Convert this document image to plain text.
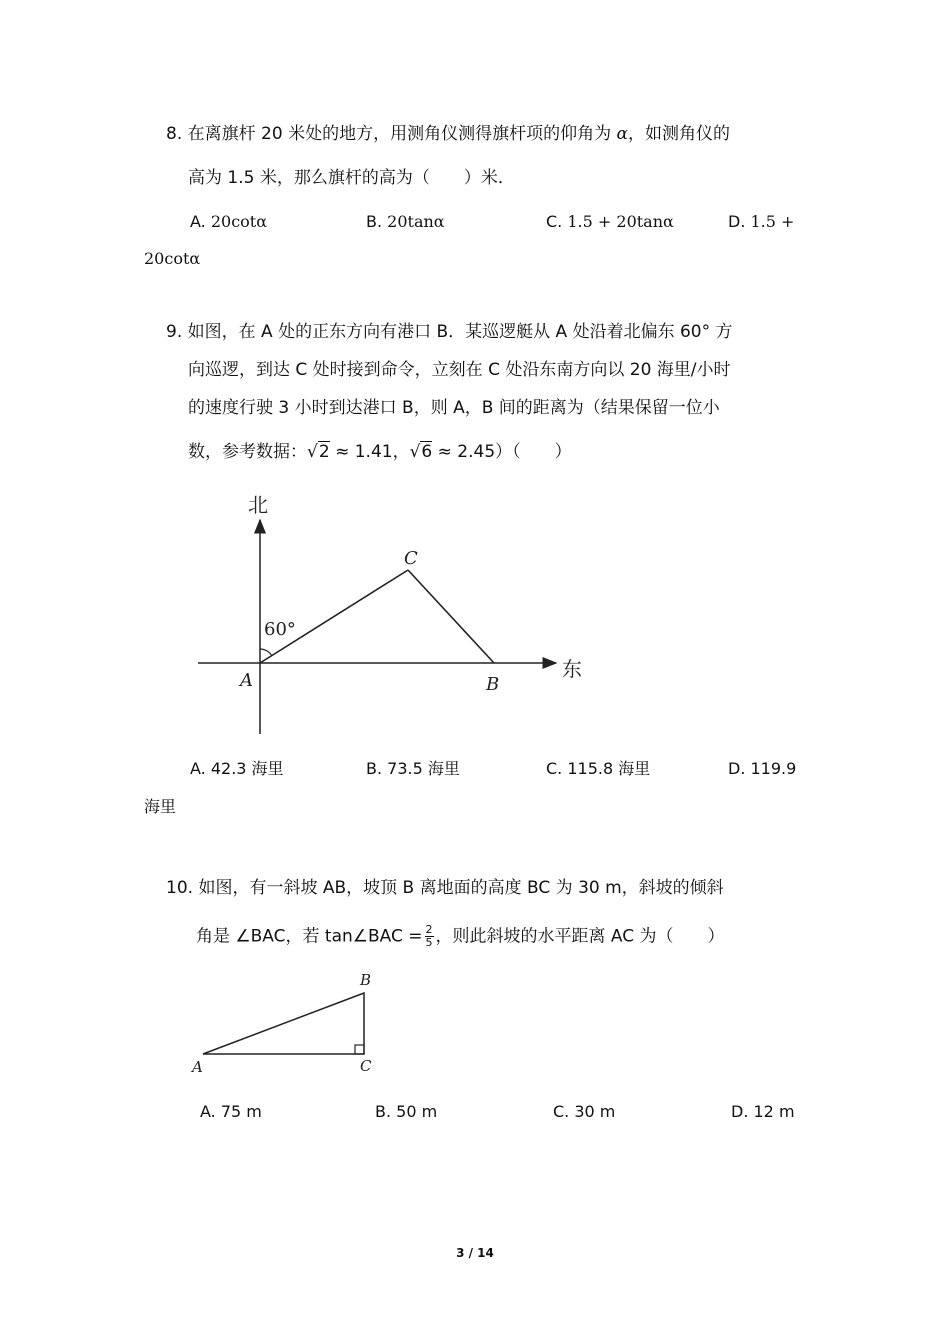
8. 在离旗杆 20 米处的地方，用测角仪测得旗杆项的仰角为 α，如测角仪的
高为 1.5 米，那么旗杆的高为（　　）米．
A. 20cotα	B. 20tanα	C. 1.5 + 20tanα	D. 1.5 +
20cotα
9. 如图，在 A 处的正东方向有港口 B．某巡逻艇从 A 处沿着北偏东 60° 方
向巡逻，到达 C 处时接到命令，立刻在 C 处沿东南方向以 20 海里/小时
的速度行驶 3 小时到达港口 B，则 A，B 间的距离为（结果保留一位小
数，参考数据：√2 ≈ 1.41，√6 ≈ 2.45）（　　）
北
东
60°
A	B
C
A. 42.3 海里	B. 73.5 海里	C. 115.8 海里	D. 119.9
海里
10. 如图，有一斜坡 AB，坡顶 B 离地面的高度 BC 为 30 m，斜坡的倾斜
角是 ∠BAC，若 tan∠BAC = $\frac{2}{5}$ ，则此斜坡的水平距离 AC 为（　　）
A
B
C
A. 75 m	B. 50 m	C. 30 m	D. 12 m
3 / 14
